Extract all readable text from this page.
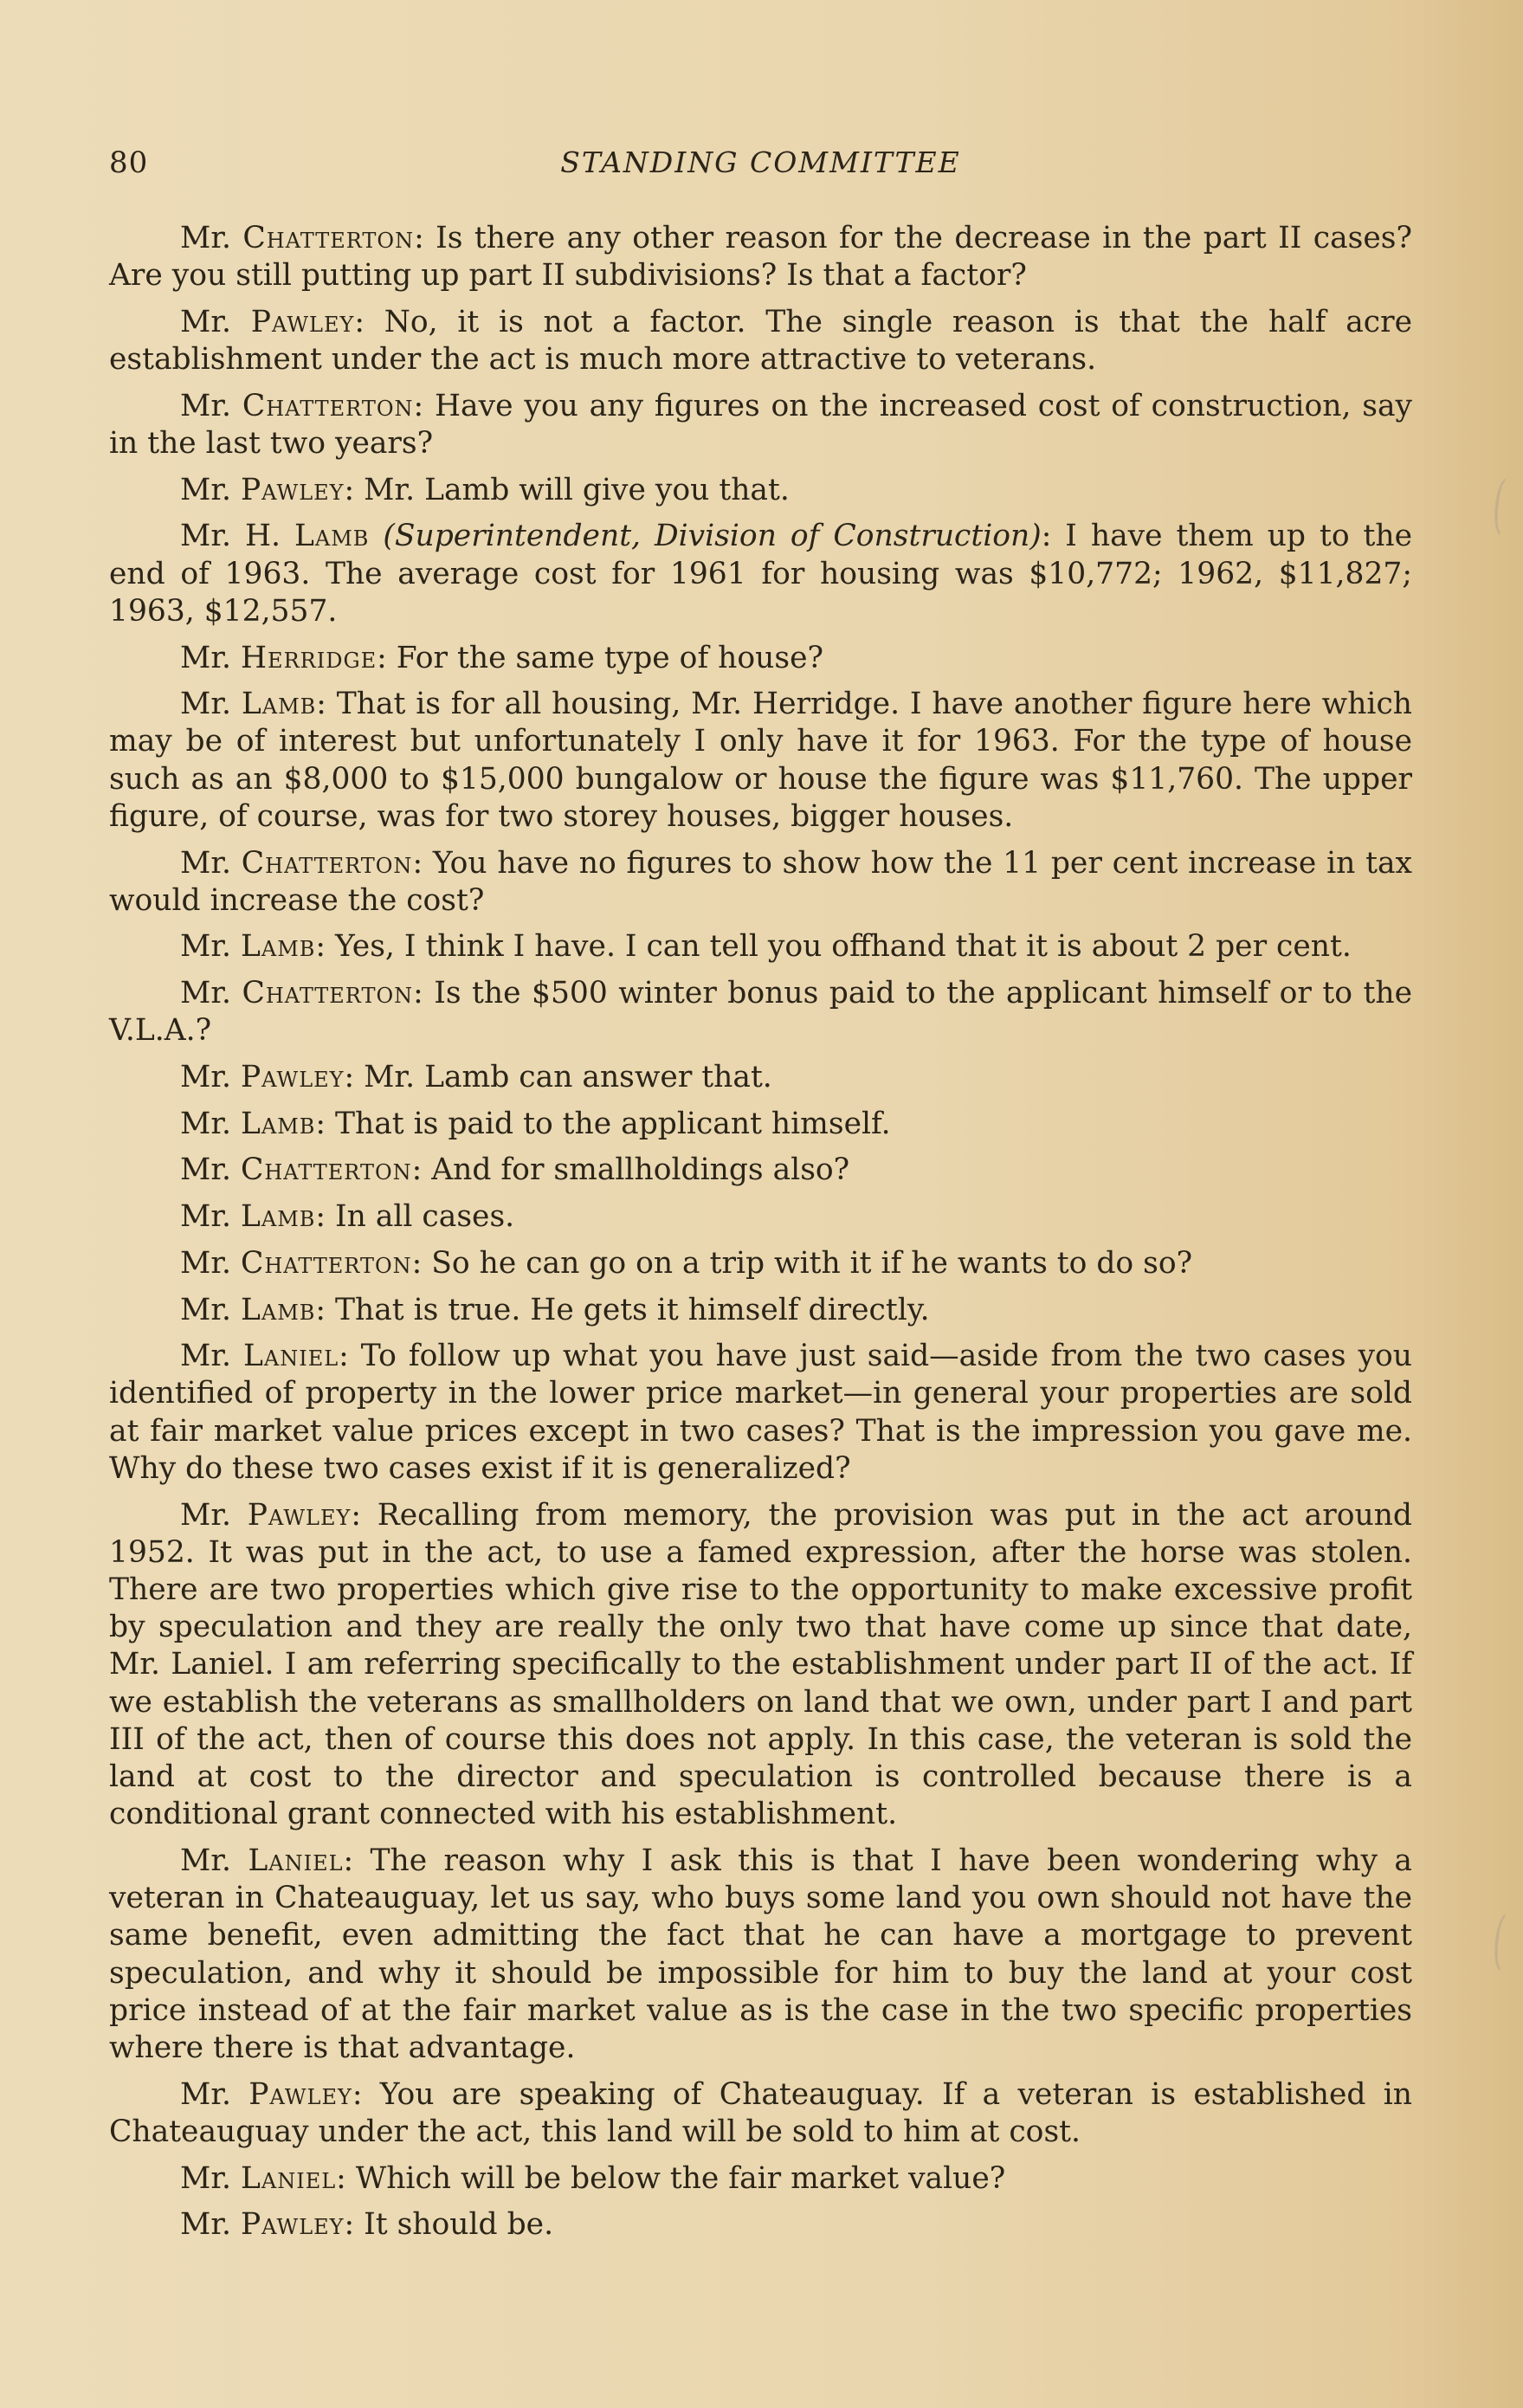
80	STANDING COMMITTEE
(
(

Mr. Chatterton: Is there any other reason for the decrease in the part II cases? Are you still putting up part II subdivisions? Is that a factor?

Mr. Pawley: No, it is not a factor. The single reason is that the half acre establishment under the act is much more attractive to veterans.

Mr. Chatterton: Have you any figures on the increased cost of construction, say in the last two years?

Mr. Pawley: Mr. Lamb will give you that.

Mr. H. Lamb (Superintendent, Division of Construction): I have them up to the end of 1963. The average cost for 1961 for housing was $10,772; 1962, $11,827; 1963, $12,557.

Mr. Herridge: For the same type of house?

Mr. Lamb: That is for all housing, Mr. Herridge. I have another figure here which may be of interest but unfortunately I only have it for 1963. For the type of house such as an $8,000 to $15,000 bungalow or house the figure was $11,760. The upper figure, of course, was for two storey houses, bigger houses.

Mr. Chatterton: You have no figures to show how the 11 per cent increase in tax would increase the cost?

Mr. Lamb: Yes, I think I have. I can tell you offhand that it is about 2 per cent.

Mr. Chatterton: Is the $500 winter bonus paid to the applicant himself or to the V.L.A.?

Mr. Pawley: Mr. Lamb can answer that.

Mr. Lamb: That is paid to the applicant himself.

Mr. Chatterton: And for smallholdings also?

Mr. Lamb: In all cases.

Mr. Chatterton: So he can go on a trip with it if he wants to do so?

Mr. Lamb: That is true. He gets it himself directly.

Mr. Laniel: To follow up what you have just said—aside from the two cases you identified of property in the lower price market—in general your properties are sold at fair market value prices except in two cases? That is the impression you gave me. Why do these two cases exist if it is generalized?

Mr. Pawley: Recalling from memory, the provision was put in the act around 1952. It was put in the act, to use a famed expression, after the horse was stolen. There are two properties which give rise to the opportunity to make excessive profit by speculation and they are really the only two that have come up since that date, Mr. Laniel. I am referring specifically to the establishment under part II of the act. If we establish the veterans as smallholders on land that we own, under part I and part III of the act, then of course this does not apply. In this case, the veteran is sold the land at cost to the director and speculation is controlled because there is a conditional grant connected with his establishment.

Mr. Laniel: The reason why I ask this is that I have been wondering why a veteran in Chateauguay, let us say, who buys some land you own should not have the same benefit, even admitting the fact that he can have a mortgage to prevent speculation, and why it should be impossible for him to buy the land at your cost price instead of at the fair market value as is the case in the two specific properties where there is that advantage.

Mr. Pawley: You are speaking of Chateauguay. If a veteran is established in Chateauguay under the act, this land will be sold to him at cost.

Mr. Laniel: Which will be below the fair market value?

Mr. Pawley: It should be.
